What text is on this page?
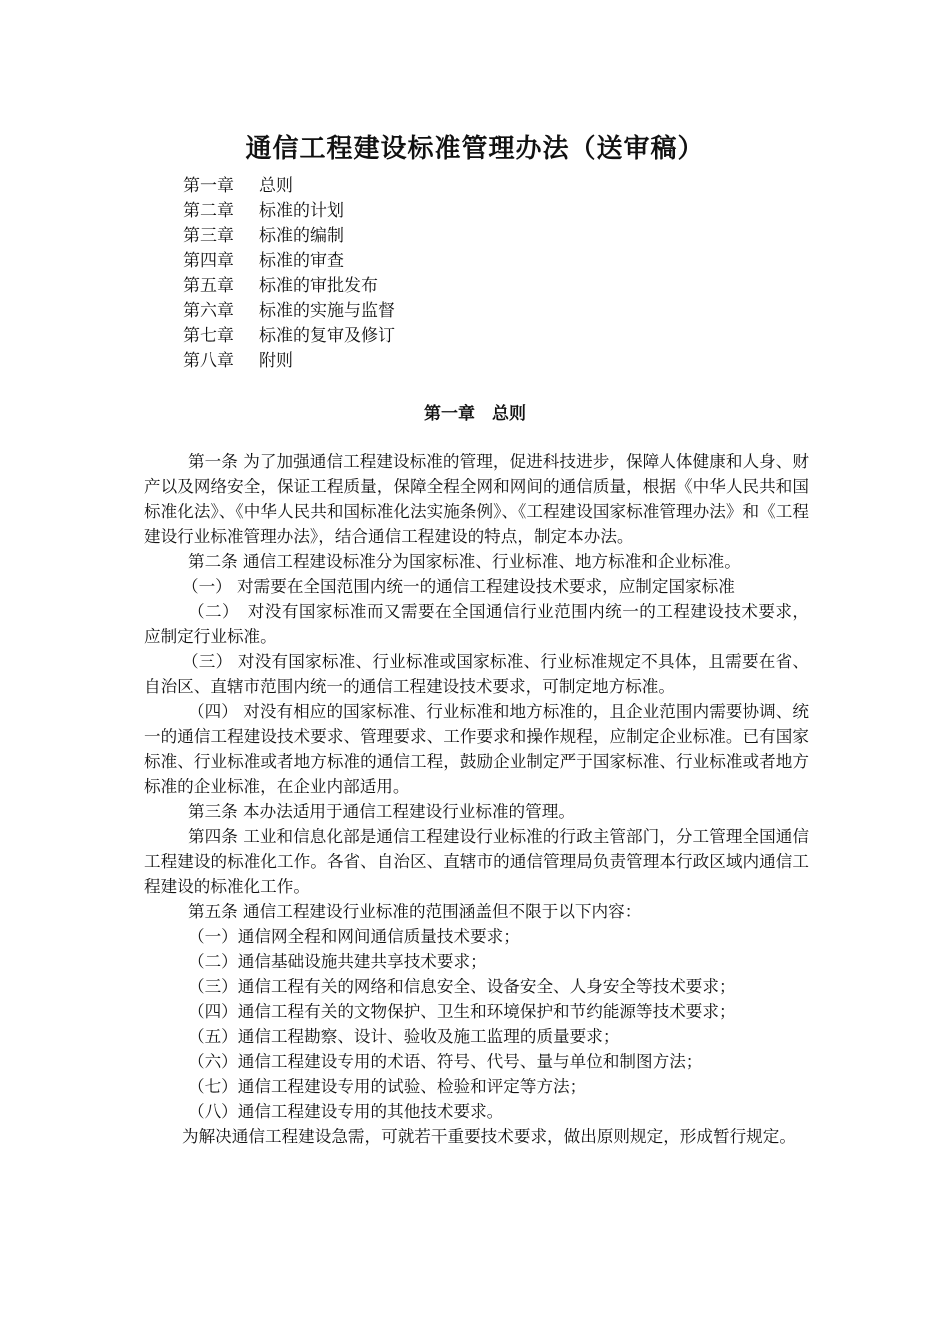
通信工程建设标准管理办法（送审稿）
第一章 总则
第二章 标准的计划
第三章 标准的编制
第四章 标准的审查
第五章 标准的审批发布
第六章 标准的实施与监督
第七章 标准的复审及修订
第八章 附则
第一章　总则

第一条 为了加强通信工程建设标准的管理，促进科技进步，保障人体健康和人身、财产以及网络安全，保证工程质量，保障全程全网和网间的通信质量，根据《中华人民共和国标准化法》、《中华人民共和国标准化法实施条例》、《工程建设国家标准管理办法》和《工程建设行业标准管理办法》，结合通信工程建设的特点，制定本办法。

第二条 通信工程建设标准分为国家标准、行业标准、地方标准和企业标准。

（一） 对需要在全国范围内统一的通信工程建设技术要求，应制定国家标准

（二）　对没有国家标准而又需要在全国通信行业范围内统一的工程建设技术要求，应制定行业标准。

（三） 对没有国家标准、行业标准或国家标准、行业标准规定不具体，且需要在省、自治区、直辖市范围内统一的通信工程建设技术要求，可制定地方标准。

（四） 对没有相应的国家标准、行业标准和地方标准的，且企业范围内需要协调、统一的通信工程建设技术要求、管理要求、工作要求和操作规程，应制定企业标准。已有国家标准、行业标准或者地方标准的通信工程，鼓励企业制定严于国家标准、行业标准或者地方标准的企业标准，在企业内部适用。

第三条 本办法适用于通信工程建设行业标准的管理。

第四条 工业和信息化部是通信工程建设行业标准的行政主管部门，分工管理全国通信工程建设的标准化工作。各省、自治区、直辖市的通信管理局负责管理本行政区域内通信工程建设的标准化工作。

第五条 通信工程建设行业标准的范围涵盖但不限于以下内容：

（一）通信网全程和网间通信质量技术要求；

（二）通信基础设施共建共享技术要求；

（三）通信工程有关的网络和信息安全、设备安全、人身安全等技术要求；

（四）通信工程有关的文物保护、卫生和环境保护和节约能源等技术要求；

（五）通信工程勘察、设计、验收及施工监理的质量要求；

（六）通信工程建设专用的术语、符号、代号、量与单位和制图方法；

（七）通信工程建设专用的试验、检验和评定等方法；

（八）通信工程建设专用的其他技术要求。

为解决通信工程建设急需，可就若干重要技术要求，做出原则规定，形成暂行规定。
